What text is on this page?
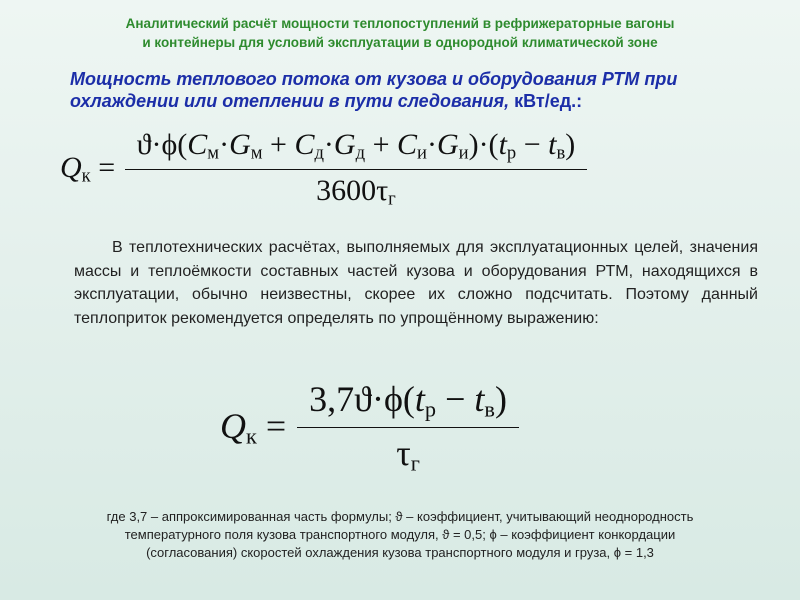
Аналитический расчёт мощности теплопоступлений в рефрижераторные вагоны
и контейнеры для условий эксплуатации в однородной климатической зоне
Мощность теплового потока от кузова и оборудования РТМ при
охлаждении или отеплении в пути следования, кВт/ед.:
$Q_к = \frac{ϑ\cdot\phi(C_м\cdot G_м + C_д\cdot G_д + C_и\cdot G_и)\cdot(t_р - t_в)}{3600\tau_г}$
В теплотехнических расчётах, выполняемых для эксплуатационных целей, значения массы и теплоёмкости составных частей кузова и оборудования РТМ, находящихся в эксплуатации, обычно неизвестны, скорее их сложно подсчитать. Поэтому данный теплоприток рекомендуется определять по упрощённому выражению:
$Q_к = \frac{3,7ϑ\cdot\phi(t_р - t_в)}{\tau_г}$
где 3,7 – аппроксимированная часть формулы; ϑ – коэффициент, учитывающий неоднородность
температурного поля кузова транспортного модуля, ϑ = 0,5; ϕ – коэффициент конкордации
(согласования) скоростей охлаждения кузова транспортного модуля и груза, ϕ = 1,3
